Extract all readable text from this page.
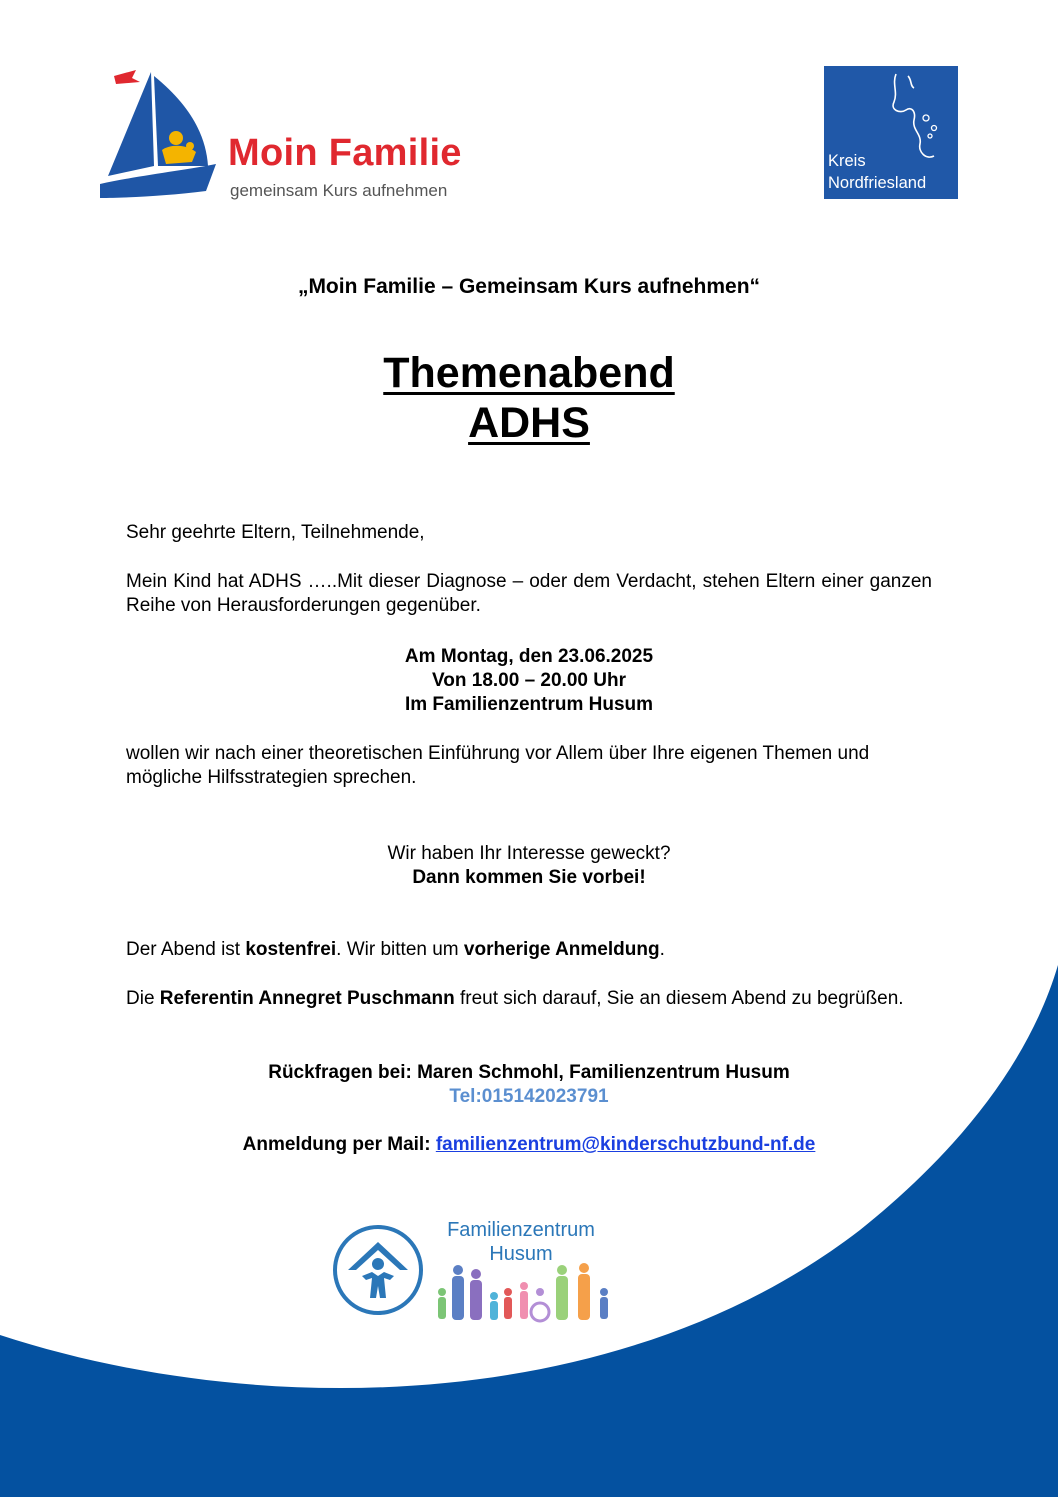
Moin Familie
gemeinsam Kurs aufnehmen
Kreis
Nordfriesland
„Moin Familie – Gemeinsam Kurs aufnehmen“
Themenabend
ADHS
Sehr geehrte Eltern, Teilnehmende,
Mein Kind hat ADHS …..Mit dieser Diagnose – oder dem Verdacht, stehen Eltern einer ganzen Reihe von Herausforderungen gegenüber.
Am Montag, den 23.06.2025
Von 18.00 – 20.00 Uhr
Im Familienzentrum Husum
wollen wir nach einer theoretischen Einführung vor Allem über Ihre eigenen Themen und mögliche Hilfsstrategien sprechen.
Wir haben Ihr Interesse geweckt?
Dann kommen Sie vorbei!
Der Abend ist kostenfrei. Wir bitten um vorherige Anmeldung.
Die Referentin Annegret Puschmann freut sich darauf, Sie an diesem Abend zu begrüßen.
Rückfragen bei: Maren Schmohl, Familienzentrum Husum
Tel:015142023791
Anmeldung per Mail: familienzentrum@kinderschutzbund-nf.de
Familienzentrum
Husum
